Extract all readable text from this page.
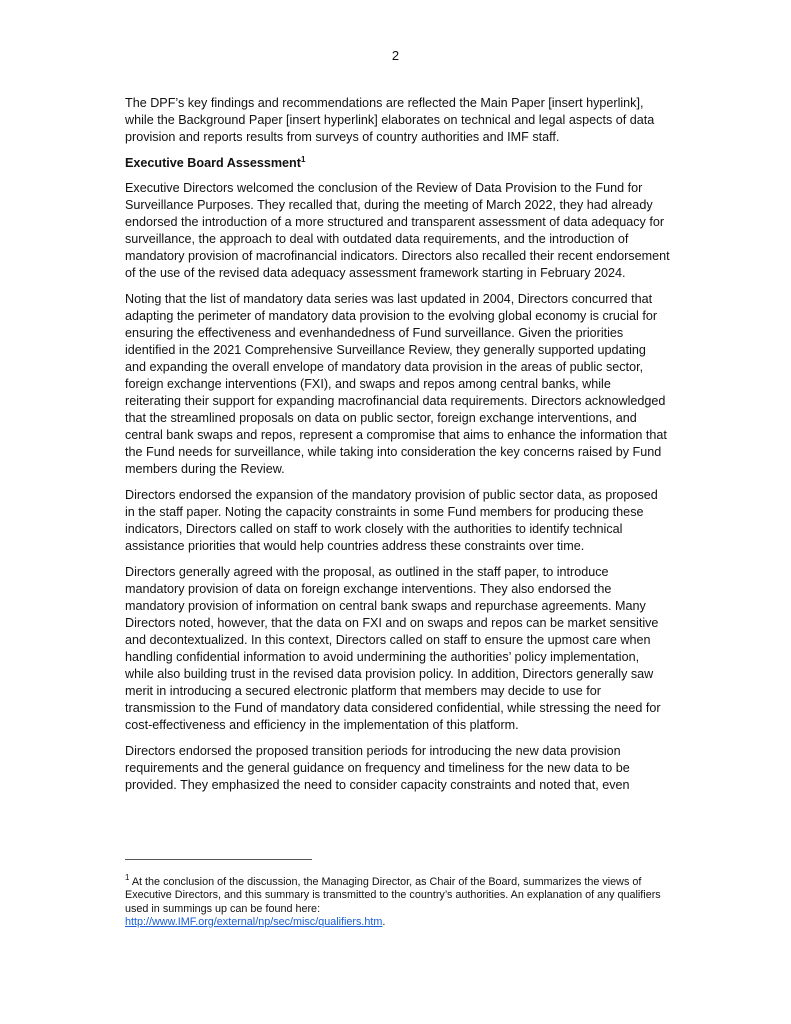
2

The DPF’s key findings and recommendations are reflected the Main Paper [insert hyperlink], while the Background Paper [insert hyperlink] elaborates on technical and legal aspects of data provision and reports results from surveys of country authorities and IMF staff.

Executive Board Assessment$^1$

Executive Directors welcomed the conclusion of the Review of Data Provision to the Fund for Surveillance Purposes. They recalled that, during the meeting of March 2022, they had already endorsed the introduction of a more structured and transparent assessment of data adequacy for surveillance, the approach to deal with outdated data requirements, and the introduction of mandatory provision of macrofinancial indicators. Directors also recalled their recent endorsement of the use of the revised data adequacy assessment framework starting in February 2024.

Noting that the list of mandatory data series was last updated in 2004, Directors concurred that adapting the perimeter of mandatory data provision to the evolving global economy is crucial for ensuring the effectiveness and evenhandedness of Fund surveillance. Given the priorities identified in the 2021 Comprehensive Surveillance Review, they generally supported updating and expanding the overall envelope of mandatory data provision in the areas of public sector, foreign exchange interventions (FXI), and swaps and repos among central banks, while reiterating their support for expanding macrofinancial data requirements. Directors acknowledged that the streamlined proposals on data on public sector, foreign exchange interventions, and central bank swaps and repos, represent a compromise that aims to enhance the information that the Fund needs for surveillance, while taking into consideration the key concerns raised by Fund members during the Review.

Directors endorsed the expansion of the mandatory provision of public sector data, as proposed in the staff paper. Noting the capacity constraints in some Fund members for producing these indicators, Directors called on staff to work closely with the authorities to identify technical assistance priorities that would help countries address these constraints over time.

Directors generally agreed with the proposal, as outlined in the staff paper, to introduce mandatory provision of data on foreign exchange interventions. They also endorsed the mandatory provision of information on central bank swaps and repurchase agreements. Many Directors noted, however, that the data on FXI and on swaps and repos can be market sensitive and decontextualized. In this context, Directors called on staff to ensure the upmost care when handling confidential information to avoid undermining the authorities’ policy implementation, while also building trust in the revised data provision policy. In addition, Directors generally saw merit in introducing a secured electronic platform that members may decide to use for transmission to the Fund of mandatory data considered confidential, while stressing the need for cost-effectiveness and efficiency in the implementation of this platform.

Directors endorsed the proposed transition periods for introducing the new data provision requirements and the general guidance on frequency and timeliness for the new data to be provided. They emphasized the need to consider capacity constraints and noted that, even

$^1$ At the conclusion of the discussion, the Managing Director, as Chair of the Board, summarizes the views of Executive Directors, and this summary is transmitted to the country’s authorities. An explanation of any qualifiers used in summings up can be found here:
http://www.IMF.org/external/np/sec/misc/qualifiers.htm.
